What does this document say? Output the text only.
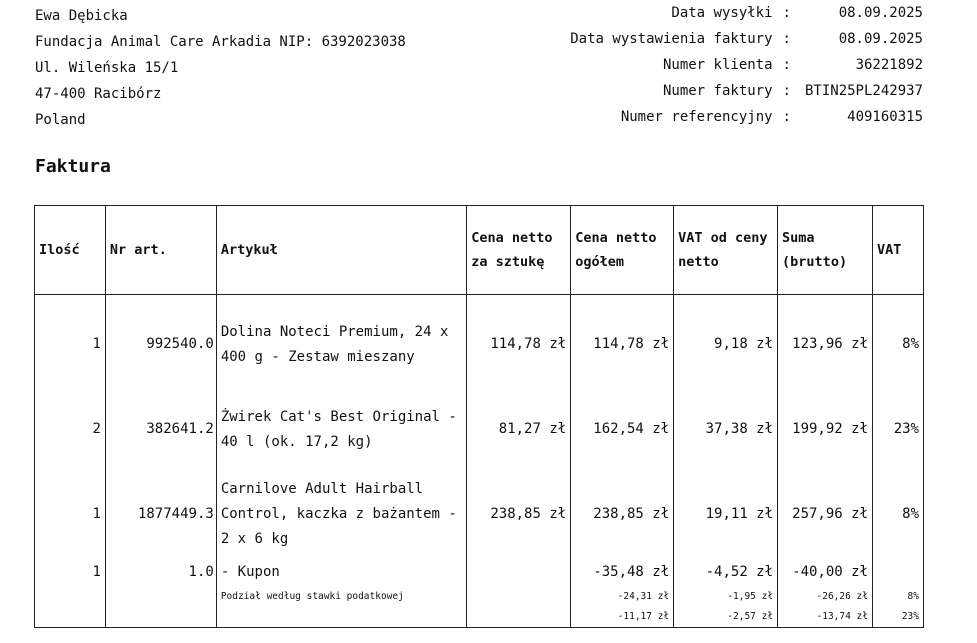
Ewa Dębicka
Fundacja Animal Care Arkadia NIP: 6392023038
Ul. Wileńska 15/1
47-400 Racibórz
Poland
Data wysyłki	:	08.09.2025
Data wystawienia faktury	:	08.09.2025
Numer klienta	:	36221892
Numer faktury	:	BTIN25PL242937
Numer referencyjny	:	409160315
Faktura
Ilość	Nr art.	Artykuł	Cena netto za sztukę	Cena netto ogółem	VAT od ceny netto	Suma (brutto)	VAT
1	992540.0	Dolina Noteci Premium, 24 x 400 g - Zestaw mieszany	114,78 zł	114,78 zł	9,18 zł	123,96 zł	8%
2	382641.2	Żwirek Cat's Best Original - 40 l (ok. 17,2 kg)	81,27 zł	162,54 zł	37,38 zł	199,92 zł	23%
1	1877449.3	Carnilove Adult Hairball Control, kaczka z bażantem - 2 x 6 kg	238,85 zł	238,85 zł	19,11 zł	257,96 zł	8%
1	1.0	- Kupon		-35,48 zł	-4,52 zł	-40,00 zł	
		Podział według stawki podatkowej		-24,31 zł	-1,95 zł	-26,26 zł	8%
				-11,17 zł	-2,57 zł	-13,74 zł	23%
